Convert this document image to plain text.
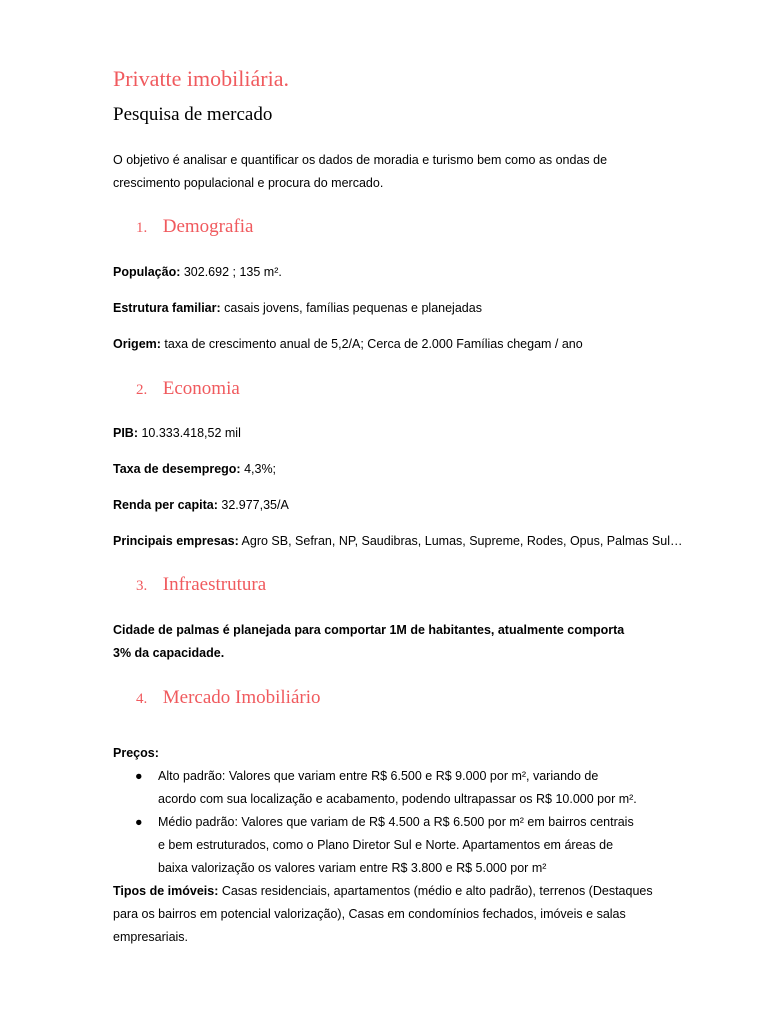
Privatte imobiliária.
Pesquisa de mercado
O objetivo é analisar e quantificar os dados de moradia e turismo bem como as ondas de crescimento populacional e procura do mercado.
1. Demografia
População: 302.692 ; 135 m².
Estrutura familiar: casais jovens, famílias pequenas e planejadas
Origem: taxa de crescimento anual de 5,2/A; Cerca de 2.000 Famílias chegam / ano
2. Economia
PIB: 10.333.418,52 mil
Taxa de desemprego: 4,3%;
Renda per capita: 32.977,35/A
Principais empresas: Agro SB, Sefran, NP, Saudibras, Lumas, Supreme, Rodes, Opus, Palmas Sul…
3. Infraestrutura
Cidade de palmas é planejada para comportar 1M de habitantes, atualmente comporta 3% da capacidade.
4. Mercado Imobiliário
Preços:
● Alto padrão: Valores que variam entre R$ 6.500 e R$ 9.000 por m², variando de acordo com sua localização e acabamento, podendo ultrapassar os R$ 10.000 por m².
● Médio padrão: Valores que variam de R$ 4.500 a R$ 6.500 por m² em bairros centrais e bem estruturados, como o Plano Diretor Sul e Norte. Apartamentos em áreas de baixa valorização os valores variam entre R$ 3.800 e R$ 5.000 por m²
Tipos de imóveis: Casas residenciais, apartamentos (médio e alto padrão), terrenos (Destaques para os bairros em potencial valorização), Casas em condomínios fechados, imóveis e salas empresariais.
